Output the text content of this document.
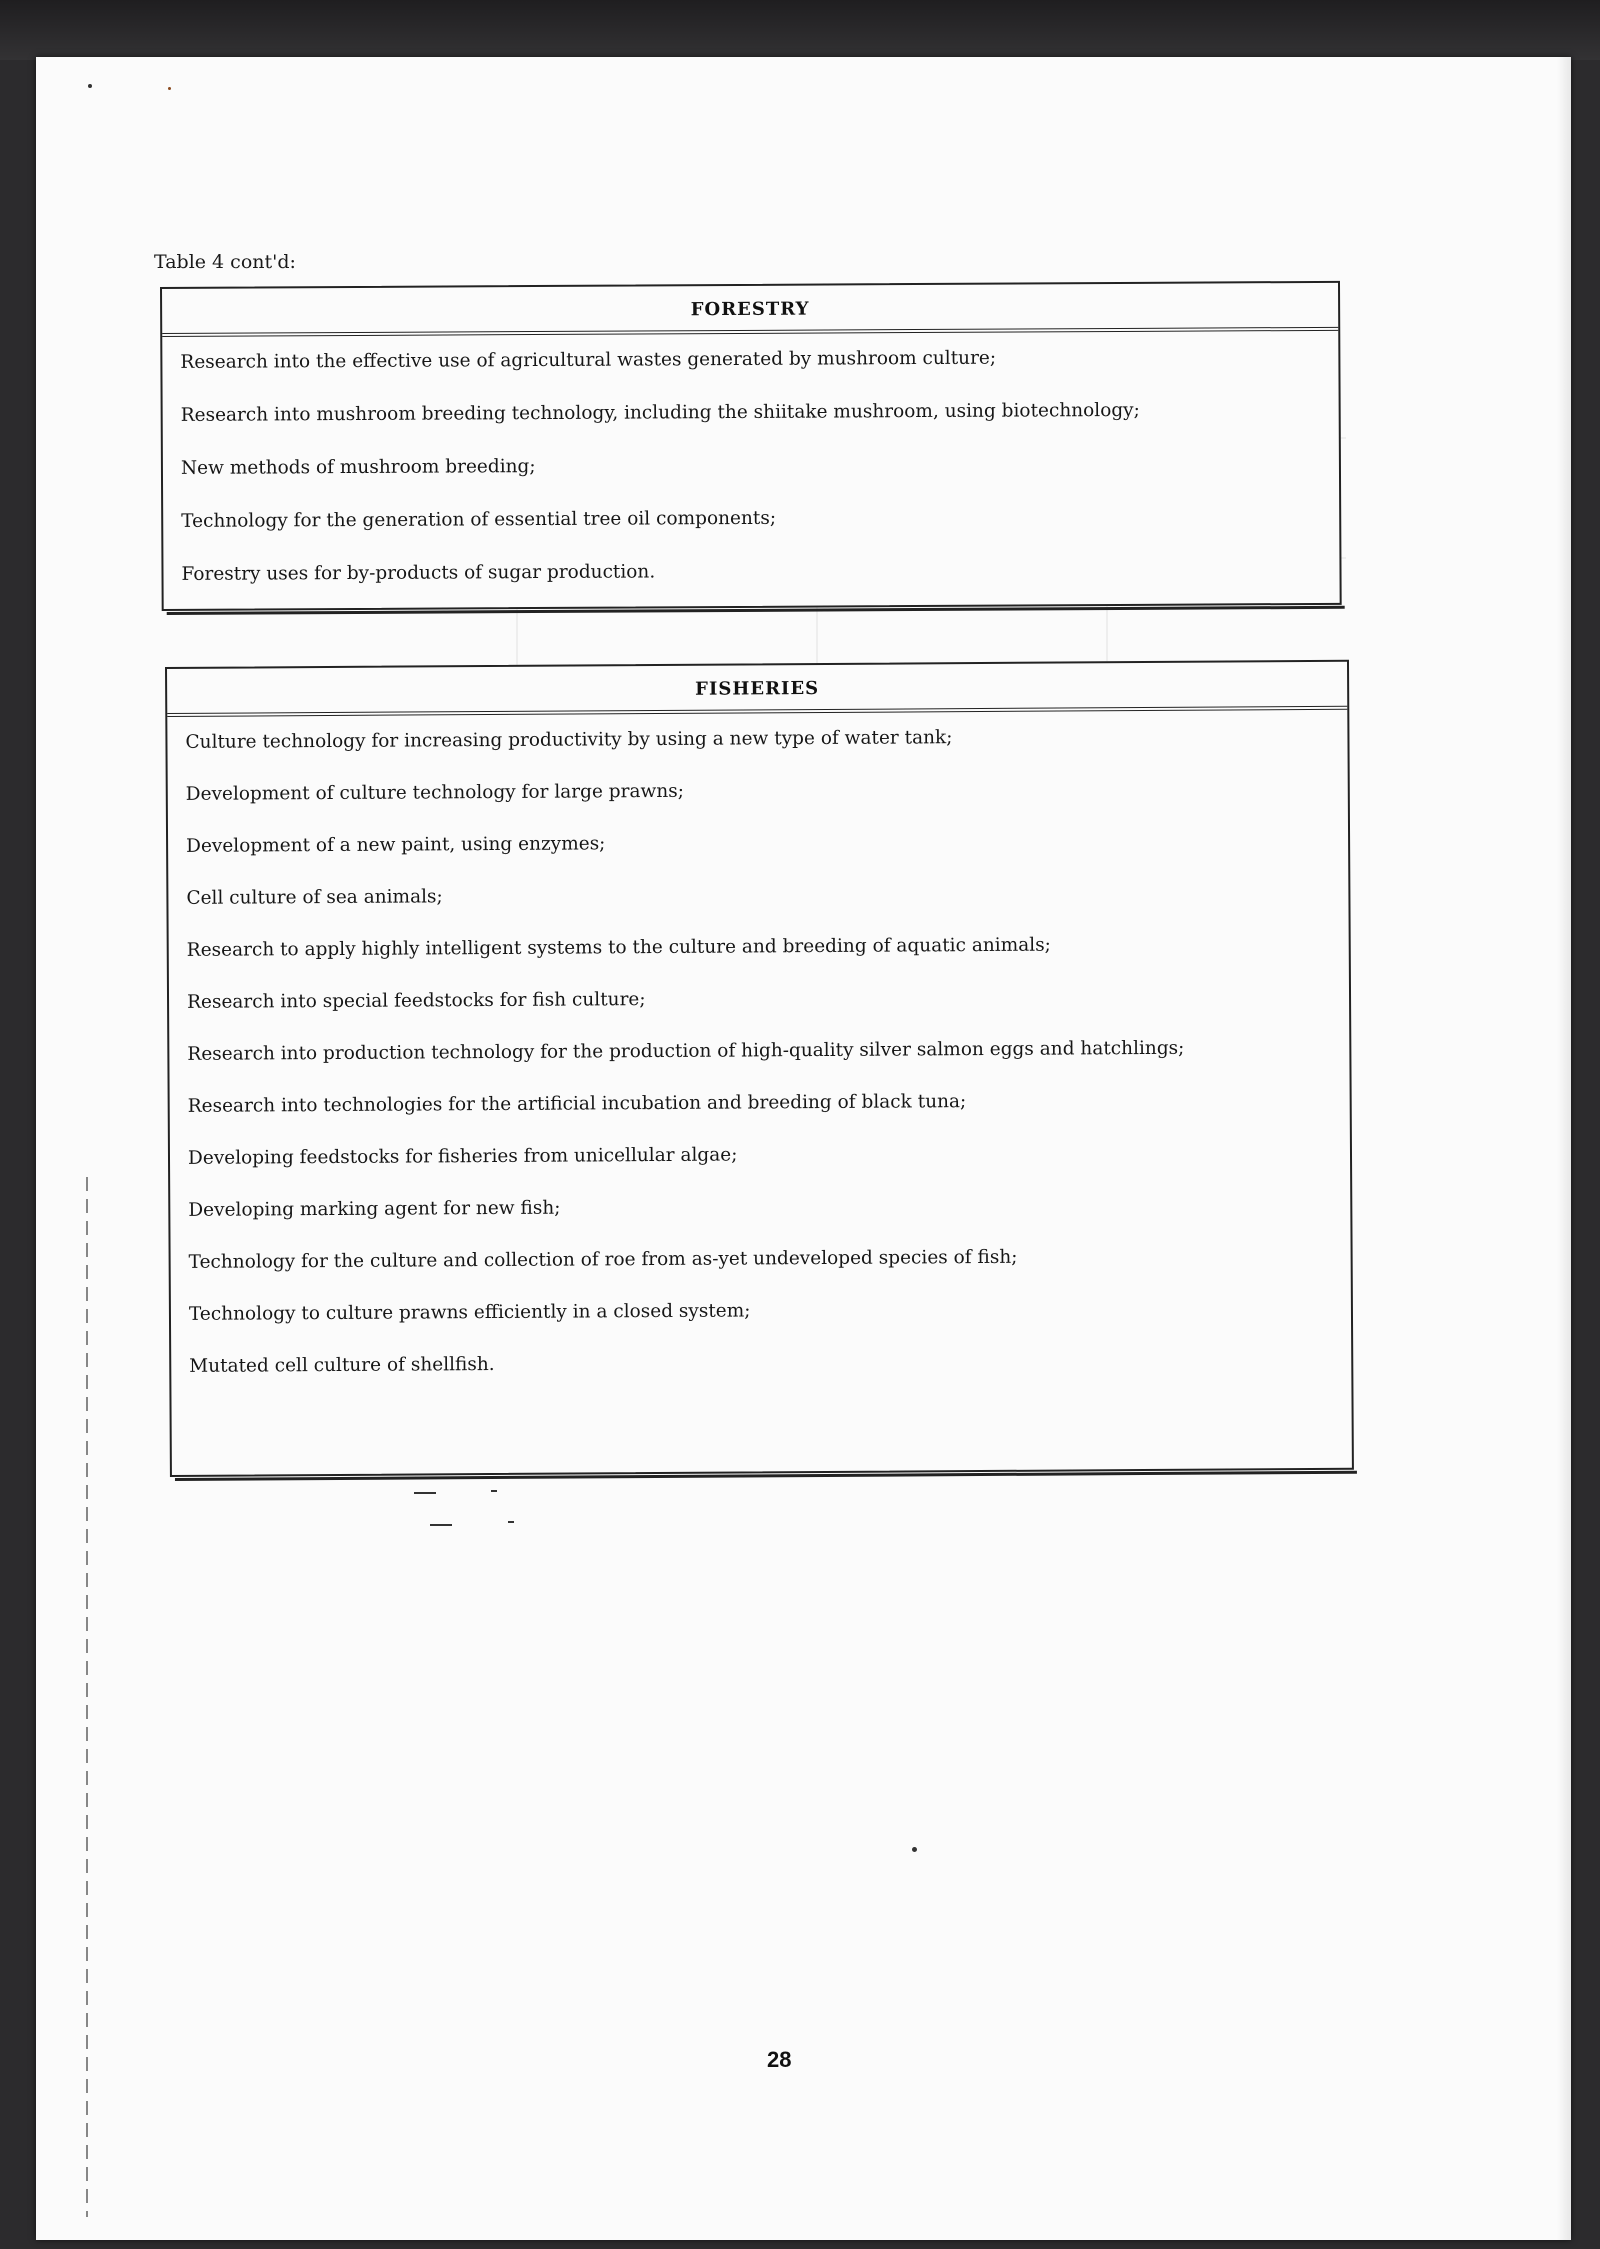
Table 4 cont'd:
FORESTRY
Research into the effective use of agricultural wastes generated by mushroom culture;
Research into mushroom breeding technology, including the shiitake mushroom, using biotechnology;
New methods of mushroom breeding;
Technology for the generation of essential tree oil components;
Forestry uses for by-products of sugar production.
FISHERIES
Culture technology for increasing productivity by using a new type of water tank;
Development of culture technology for large prawns;
Development of a new paint, using enzymes;
Cell culture of sea animals;
Research to apply highly intelligent systems to the culture and breeding of aquatic animals;
Research into special feedstocks for fish culture;
Research into production technology for the production of high-quality silver salmon eggs and hatchlings;
Research into technologies for the artificial incubation and breeding of black tuna;
Developing feedstocks for fisheries from unicellular algae;
Developing marking agent for new fish;
Technology for the culture and collection of roe from as-yet undeveloped species of fish;
Technology to culture prawns efficiently in a closed system;
Mutated cell culture of shellfish.
28
